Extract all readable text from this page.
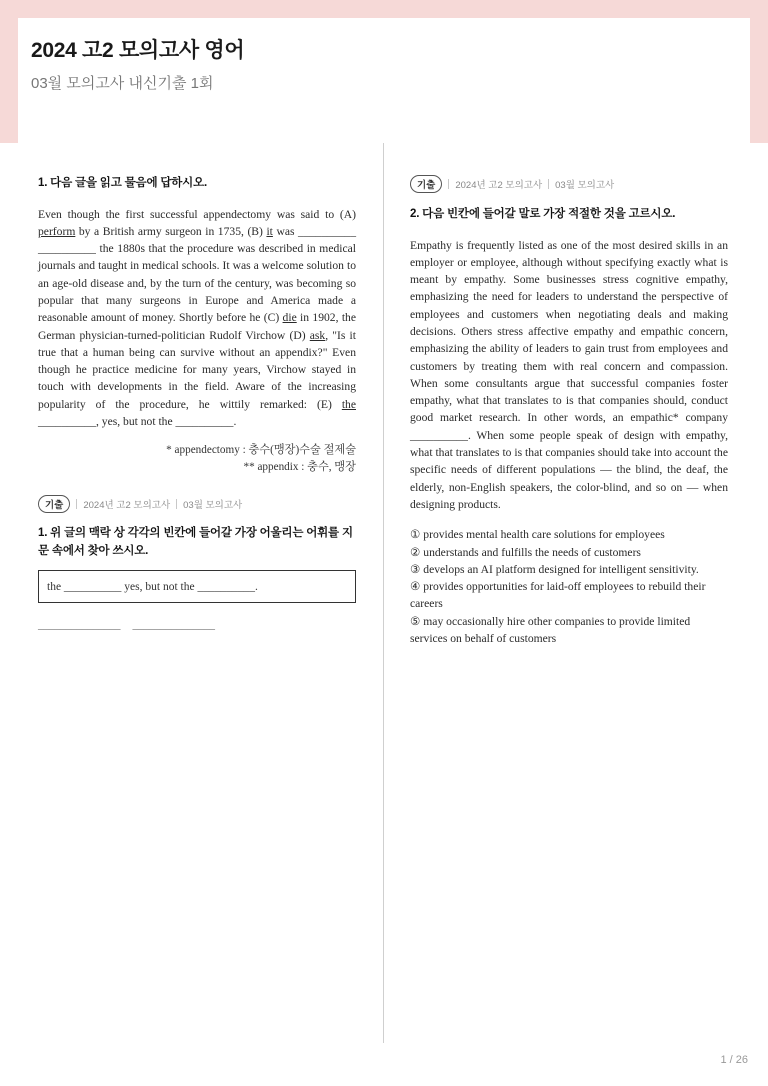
2024 고2 모의고사 영어
03월 모의고사 내신기출 1회
1. 다음 글을 읽고 물음에 답하시오.
Even though the first successful appendectomy was said to (A) perform by a British army surgeon in 1735, (B) it was __________ __________ the 1880s that the procedure was described in medical journals and taught in medical schools. It was a welcome solution to an age-old disease and, by the turn of the century, was becoming so popular that many surgeons in Europe and America made a reasonable amount of money. Shortly before he (C) die in 1902, the German physician-turned-politician Rudolf Virchow (D) ask, "Is it true that a human being can survive without an appendix?" Even though he practice medicine for many years, Virchow stayed in touch with developments in the field. Aware of the increasing popularity of the procedure, he wittily remarked: (E) the __________, yes, but not the __________.
* appendectomy : 충수(맹장)수술 절제술
** appendix : 충수, 맹장
기출	2024년 고2 모의고사 03월 모의고사
1. 위 글의 맥락 상 각각의 빈칸에 들어갈 가장 어울리는 어휘를 지문 속에서 찾아 쓰시오.
the __________ yes, but not the __________.
_______________ _______________
기출	2024년 고2 모의고사 03월 모의고사
2. 다음 빈칸에 들어갈 말로 가장 적절한 것을 고르시오.
Empathy is frequently listed as one of the most desired skills in an employer or employee, although without specifying exactly what is meant by empathy. Some businesses stress cognitive empathy, emphasizing the need for leaders to understand the perspective of employees and customers when negotiating deals and making decisions. Others stress affective empathy and empathic concern, emphasizing the ability of leaders to gain trust from employees and customers by treating them with real concern and compassion. When some consultants argue that successful companies foster empathy, what that translates to is that companies should, conduct good market research. In other words, an empathic* company __________. When some people speak of design with empathy, what that translates to is that companies should take into account the specific needs of different populations — the blind, the deaf, the elderly, non-English speakers, the color-blind, and so on — when designing products.
① provides mental health care solutions for employees
② understands and fulfills the needs of customers
③ develops an AI platform designed for intelligent sensitivity.
④ provides opportunities for laid-off employees to rebuild their careers
⑤ may occasionally hire other companies to provide limited services on behalf of customers
1 / 26
